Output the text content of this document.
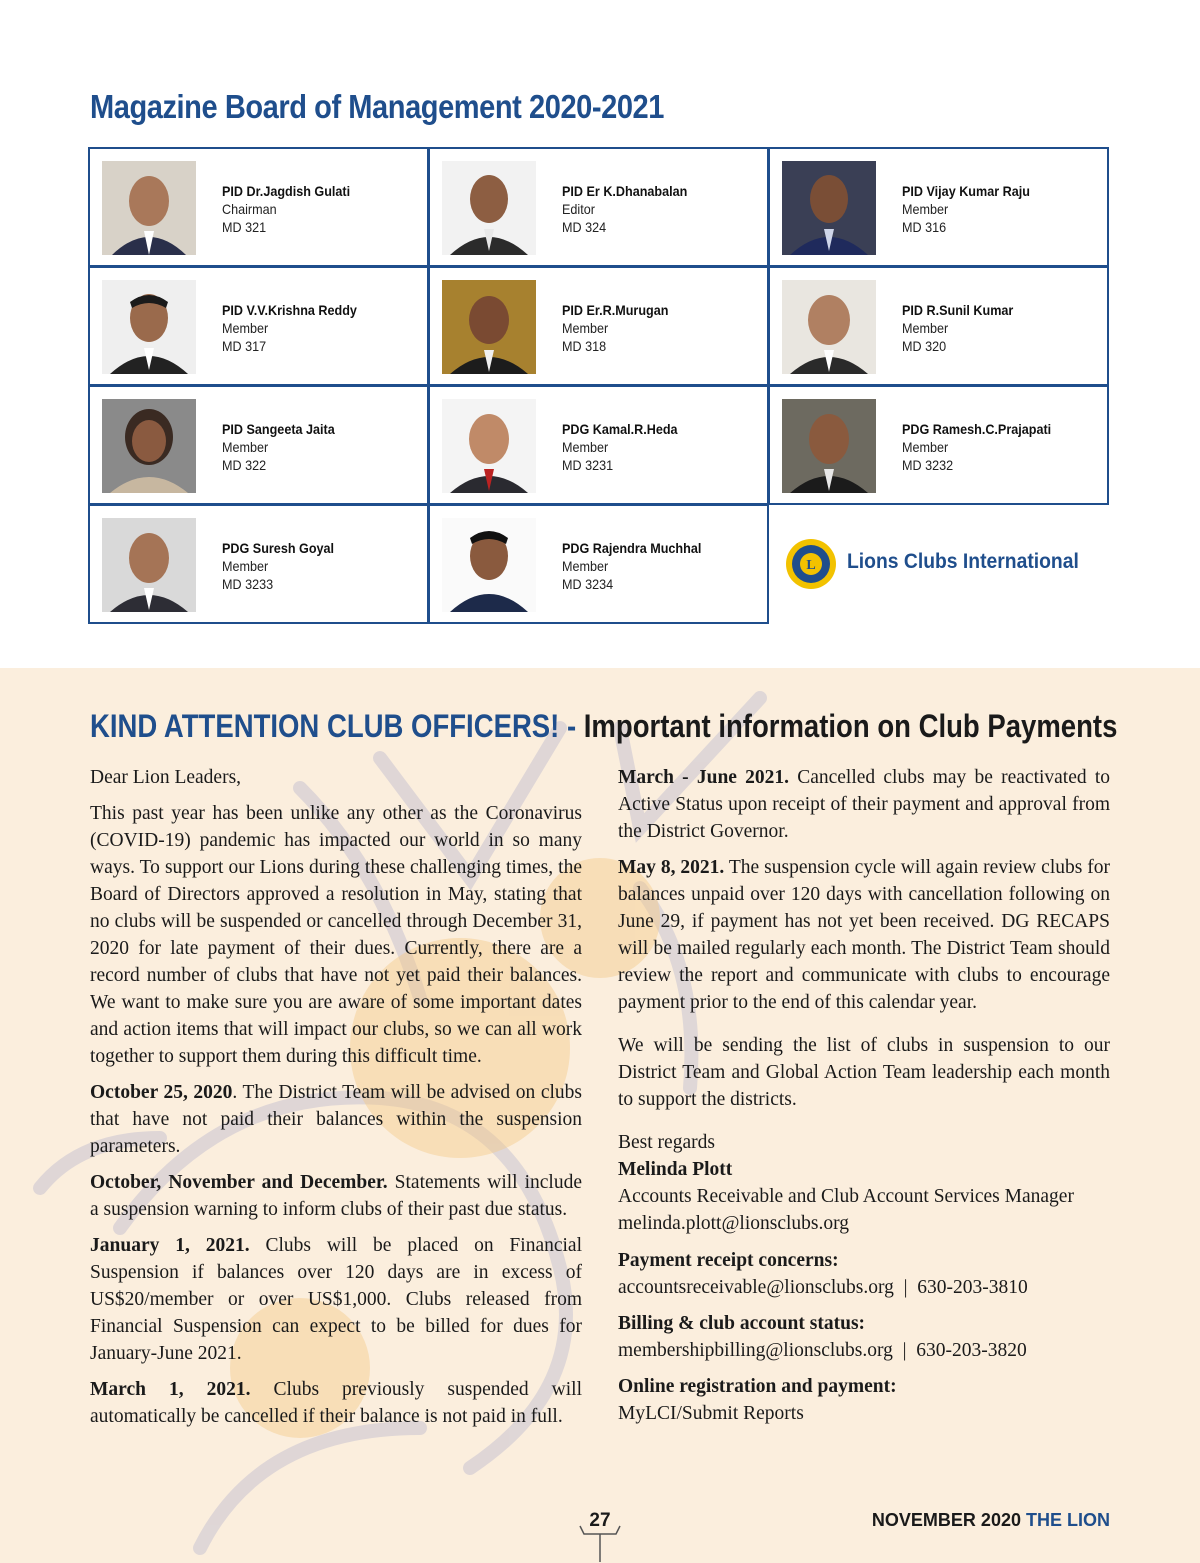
Magazine Board of Management 2020-2021
PID Dr.Jagdish Gulati
Chairman
MD 321
PID Er K.Dhanabalan
Editor
MD 324
PID Vijay Kumar Raju
Member
MD 316
PID V.V.Krishna Reddy
Member
MD 317
PID Er.R.Murugan
Member
MD 318
PID R.Sunil Kumar
Member
MD 320
PID Sangeeta Jaita
Member
MD 322
PDG Kamal.R.Heda
Member
MD 3231
PDG Ramesh.C.Prajapati
Member
MD 3232
PDG Suresh Goyal
Member
MD 3233
PDG Rajendra Muchhal
Member
MD 3234
L Lions Clubs International
KIND ATTENTION CLUB OFFICERS! - Important information on Club Payments

Dear Lion Leaders,

This past year has been unlike any other as the Coronavirus (COVID-19) pandemic has impacted our world in so many ways. To support our Lions during these challenging times, the Board of Directors approved a resolution in May, stating that no clubs will be suspended or cancelled through December 31, 2020 for late payment of their dues. Currently, there are a record number of clubs that have not yet paid their balances. We want to make sure you are aware of some important dates and action items that will impact our clubs, so we can all work together to support them during this difficult time.

October 25, 2020. The District Team will be advised on clubs that have not paid their balances within the suspension parameters.

October, November and December. Statements will include a suspension warning to inform clubs of their past due status.

January 1, 2021. Clubs will be placed on Financial Suspension if balances over 120 days are in excess of US$20/member or over US$1,000. Clubs released from Financial Suspension can expect to be billed for dues for January-June 2021.

March 1, 2021. Clubs previously suspended will automatically be cancelled if their balance is not paid in full.

March - June 2021. Cancelled clubs may be reactivated to Active Status upon receipt of their payment and approval from the District Governor.

May 8, 2021. The suspension cycle will again review clubs for balances unpaid over 120 days with cancellation following on June 29, if payment has not yet been received. DG RECAPS will be mailed regularly each month. The District Team should review the report and communicate with clubs to encourage payment prior to the end of this calendar year.

We will be sending the list of clubs in suspension to our District Team and Global Action Team leadership each month to support the districts.

Best regards
Melinda Plott
Accounts Receivable and Club Account Services Manager
melinda.plott@lionsclubs.org
Payment receipt concerns:
accountsreceivable@lionsclubs.org  |  630-203-3810
Billing & club account status:
membershipbilling@lionsclubs.org  |  630-203-3820
Online registration and payment:
MyLCI/Submit Reports
27	NOVEMBER 2020 THE LION
